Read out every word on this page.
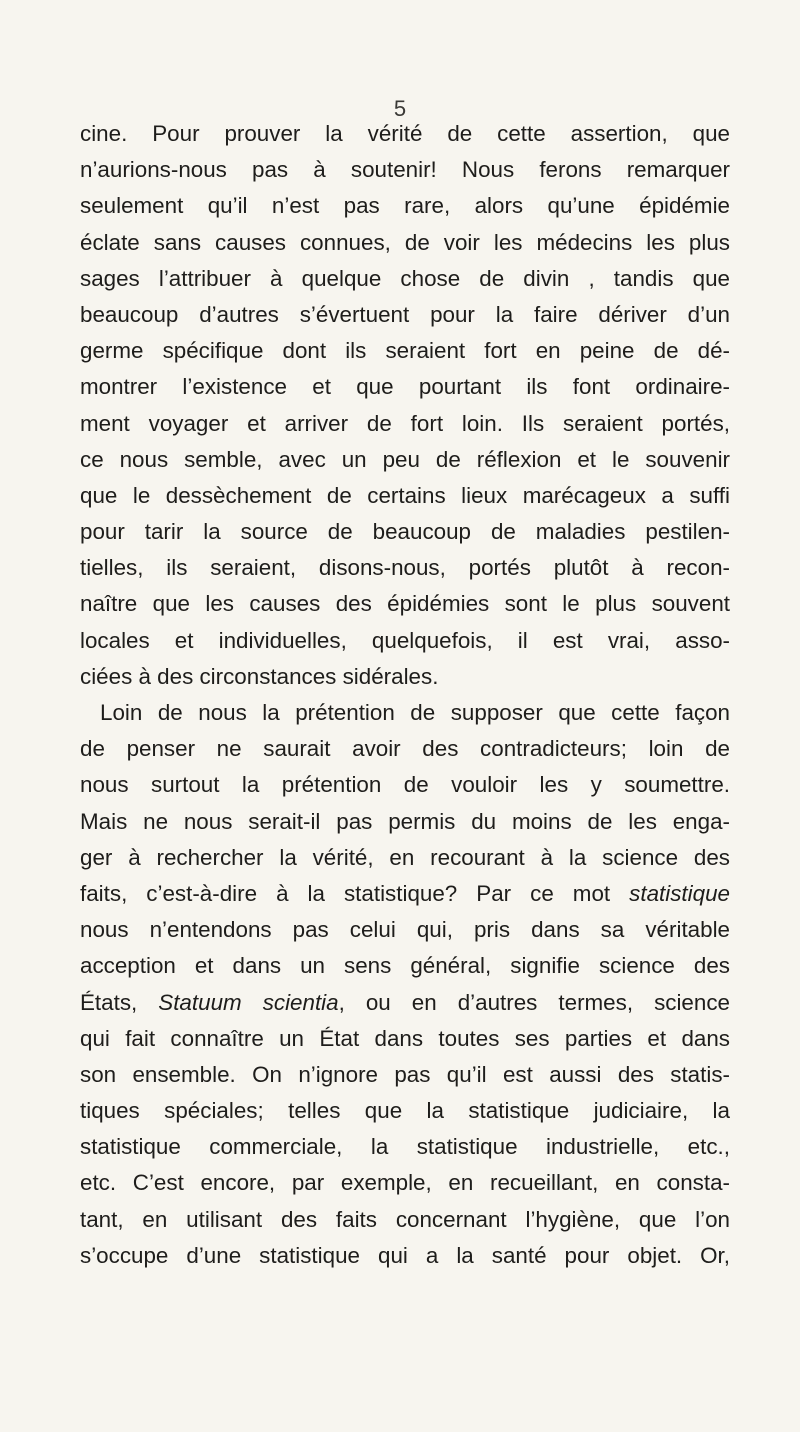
5
cine. Pour prouver la vérité de cette assertion, que
n’aurions-nous pas à soutenir! Nous ferons remarquer
seulement qu’il n’est pas rare, alors qu’une épidémie
éclate sans causes connues, de voir les médecins les plus
sages l’attribuer à quelque chose de divin , tandis que
beaucoup d’autres s’évertuent pour la faire dériver d’un
germe spécifique dont ils seraient fort en peine de dé-
montrer l’existence et que pourtant ils font ordinaire-
ment voyager et arriver de fort loin. Ils seraient portés,
ce nous semble, avec un peu de réflexion et le souvenir
que le dessèchement de certains lieux marécageux a suffi
pour tarir la source de beaucoup de maladies pestilen-
tielles, ils seraient, disons-nous, portés plutôt à recon-
naître que les causes des épidémies sont le plus souvent
locales et individuelles, quelquefois, il est vrai, asso-
ciées à des circonstances sidérales.
Loin de nous la prétention de supposer que cette façon
de penser ne saurait avoir des contradicteurs; loin de
nous surtout la prétention de vouloir les y soumettre.
Mais ne nous serait-il pas permis du moins de les enga-
ger à rechercher la vérité, en recourant à la science des
faits, c’est-à-dire à la statistique? Par ce mot statistique
nous n’entendons pas celui qui, pris dans sa véritable
acception et dans un sens général, signifie science des
États, Statuum scientia, ou en d’autres termes, science
qui fait connaître un État dans toutes ses parties et dans
son ensemble. On n’ignore pas qu’il est aussi des statis-
tiques spéciales; telles que la statistique judiciaire, la
statistique commerciale, la statistique industrielle, etc.,
etc. C’est encore, par exemple, en recueillant, en consta-
tant, en utilisant des faits concernant l’hygiène, que l’on
s’occupe d’une statistique qui a la santé pour objet. Or,
